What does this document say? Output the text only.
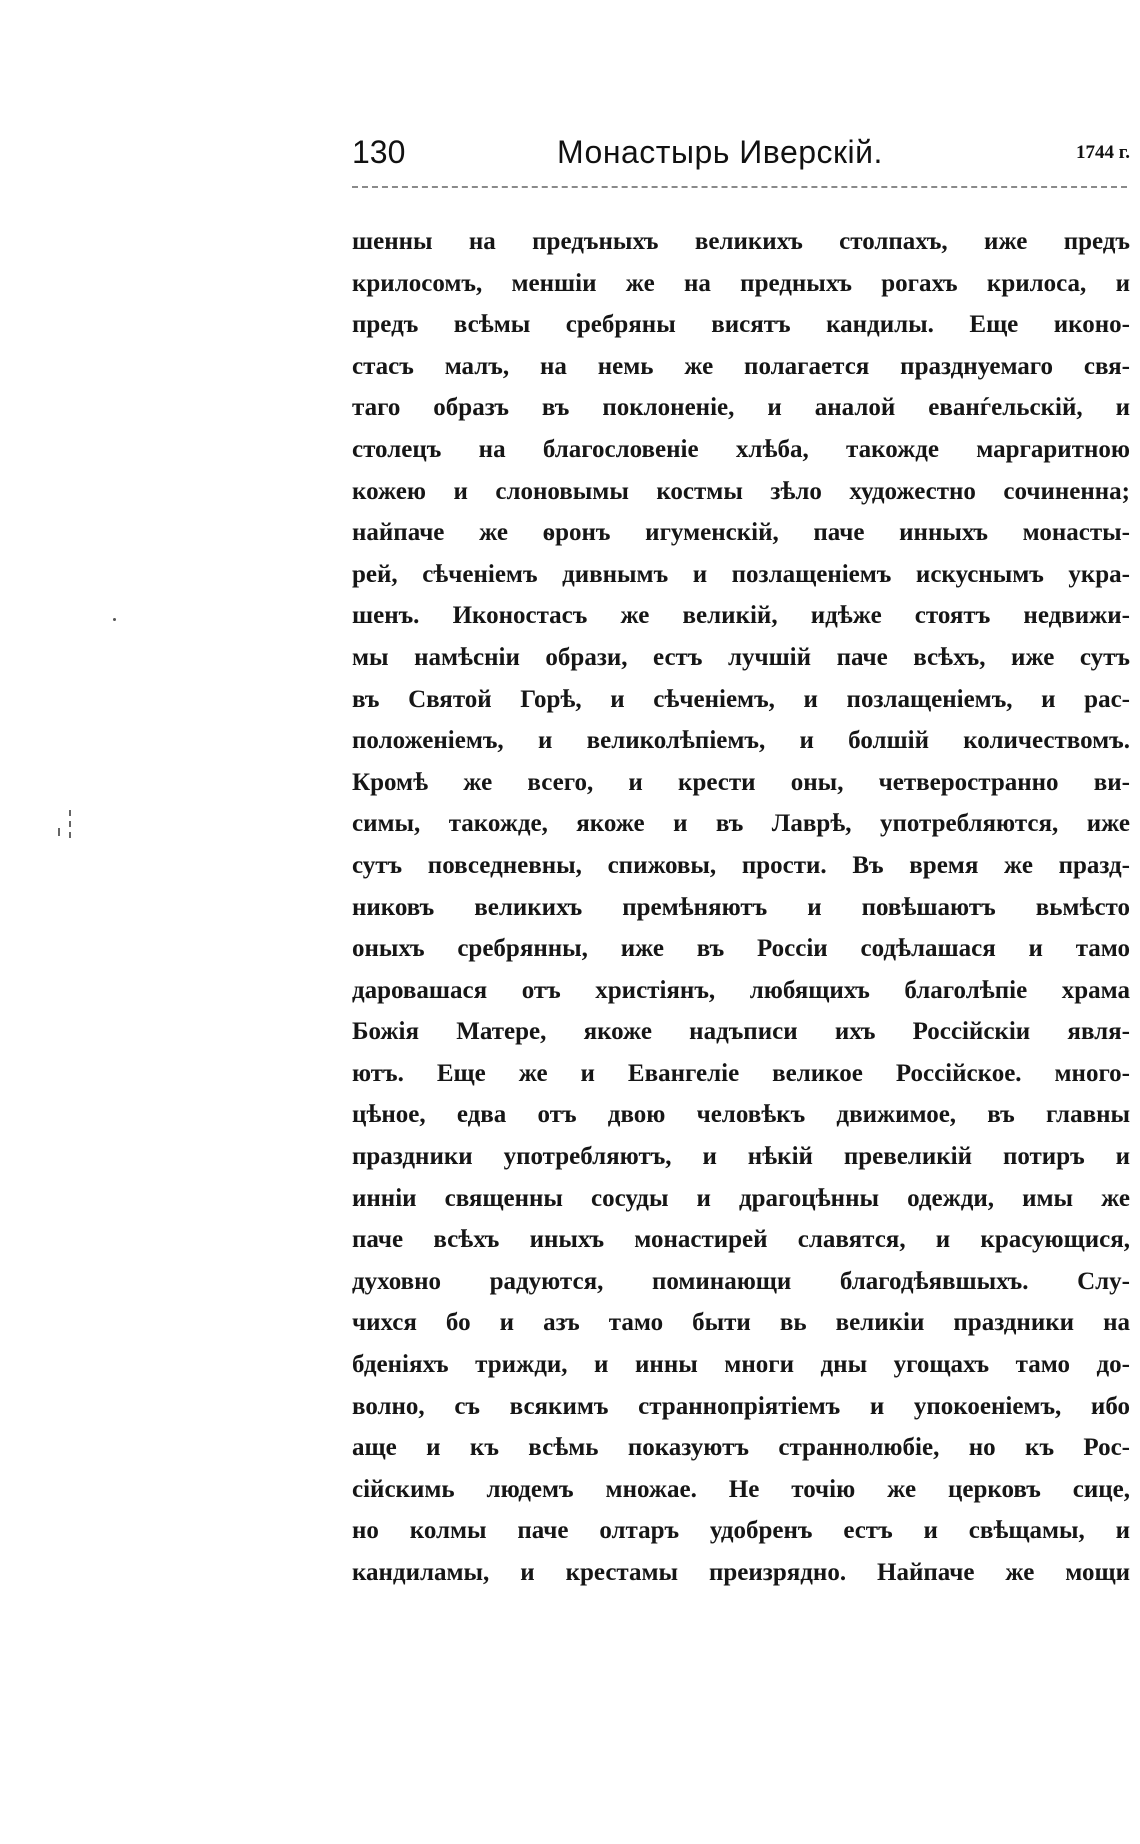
130	Монастырь Иверскій.	1744 г.
шенны на предъныхъ великихъ столпахъ, иже предъ
крилосомъ, меншіи же на предныхъ рогахъ крилоса, и
предъ всѣмы сребряны висятъ кандилы. Еще иконо-
стасъ малъ, на немь же полагается празднуемаго свя-
таго образъ въ поклоненіе, и аналой еванѓельскій, и
столецъ на благословеніе хлѣба, такожде маргаритною
кожею и слоновымы костмы зѣло художестно сочиненна;
найпаче же ѳронъ игуменскій, паче инныхъ монасты-
рей, сѣченіемъ дивнымъ и позлащеніемъ искуснымъ укра-
шенъ. Иконостасъ же великій, идѣже стоятъ недвижи-
мы намѣсніи образи, естъ лучшій паче всѣхъ, иже сутъ
въ Святой Горѣ, и сѣченіемъ, и позлащеніемъ, и рас-
положеніемъ, и великолѣпіемъ, и болшій количествомъ.
Кромѣ же всего, и крести оны, четвеространно ви-
симы, такожде, якоже и въ Лаврѣ, употребляются, иже
сутъ повседневны, спижовы, прости. Въ время же празд-
никовъ великихъ премѣняютъ и повѣшаютъ вьмѣсто
оныхъ сребрянны, иже въ Россіи содѣлашася и тамо
даровашася отъ христіянъ, любящихъ благолѣпіе храма
Божія Матере, якоже надъписи ихъ Россійскіи явля-
ютъ. Еще же и Евангеліе великое Россійское. много-
цѣное, едва отъ двою человѣкъ движимое, въ главны
праздники употребляютъ, и нѣкій превеликій потиръ и
инніи священны сосуды и драгоцѣнны одежди, имы же
паче всѣхъ иныхъ монастирей славятся, и красующися,
духовно радуются, поминающи благодѣявшыхъ. Слу-
чихся бо и азъ тамо быти вь великіи праздники на
бденіяхъ трижди, и инны многи дны угощахъ тамо до-
волно, съ всякимъ страннопріятіемъ и упокоеніемъ, ибо
аще и къ всѣмь показуютъ страннолюбіе, но къ Рос-
сійскимь людемъ множае. Не точію же церковъ сице,
но колмы паче олтаръ удобренъ естъ и свѣщамы, и
кандиламы, и крестамы преизрядно. Найпаче же мощи
